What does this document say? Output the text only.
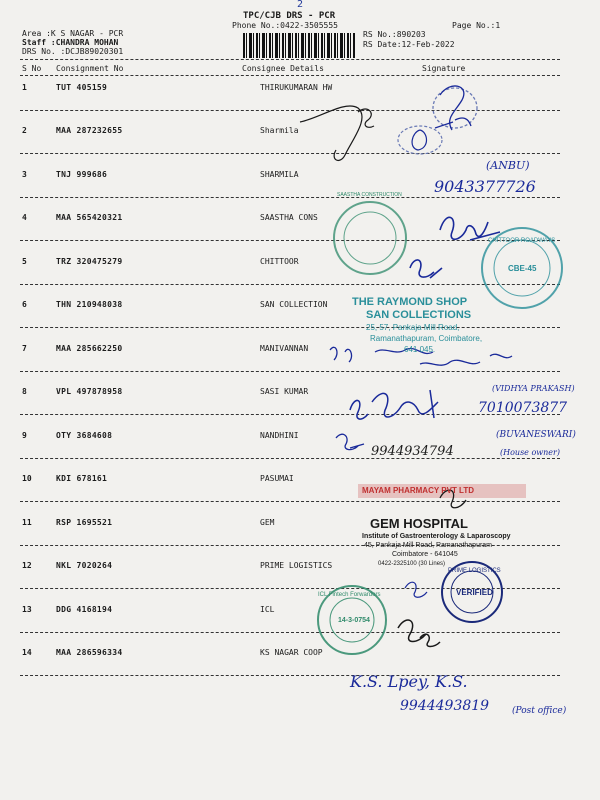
2
TPC/CJB DRS - PCR
Phone No.:0422-3505555	Page No.:1
Area :K S NAGAR - PCR
Staff :CHANDRA MOHAN
DRS No. :DCJB89020301
RS No.:890203
RS Date:12-Feb-2022
S No Consignment No	Consignee Details	Signature
1	TUT 405159	THIRUKUMARAN HW
2	MAA 287232655	Sharmila
3	TNJ 999686	SHARMILA
4	MAA 565420321	SAASTHA CONS
5	TRZ 320475279	CHITTOOR
6	THN 210948038	SAN COLLECTION
7	MAA 285662250	MANIVANNAN
8	VPL 497878958	SASI KUMAR
9	OTY 3684608	NANDHINI
10	KDI 678161	PASUMAI
11	RSP 1695521	GEM
12	NKL 7020264	PRIME LOGISTICS
13	DDG 4168194	ICL
14	MAA 286596334	KS NAGAR COOP
(ANBU)
9043377726
SAASTHA CONSTRUCTION
CHITTOOR ROADWAYS
CBE-45
THE RAYMOND SHOP
SAN COLLECTIONS
25, 57, Pankaja Mill Road,
Ramanathapuram, Coimbatore,
641 045.
(VIDHYA PRAKASH)
7010073877
9944934794
(BUVANESWARI)
(House owner)
MAYAM PHARMACY PVT LTD
GEM HOSPITAL
Institute of Gastroenterology & Laparoscopy
45, Pankaja Mill Road, Ramanathapuram
Coimbatore - 641045
0422-2325100 (30 Lines)
PRIME LOGISTICS
VERIFIED
ICL Fintech Forwarders
14-3-0754
K.S. Lpey, K.S.
9944493819	(Post office)
